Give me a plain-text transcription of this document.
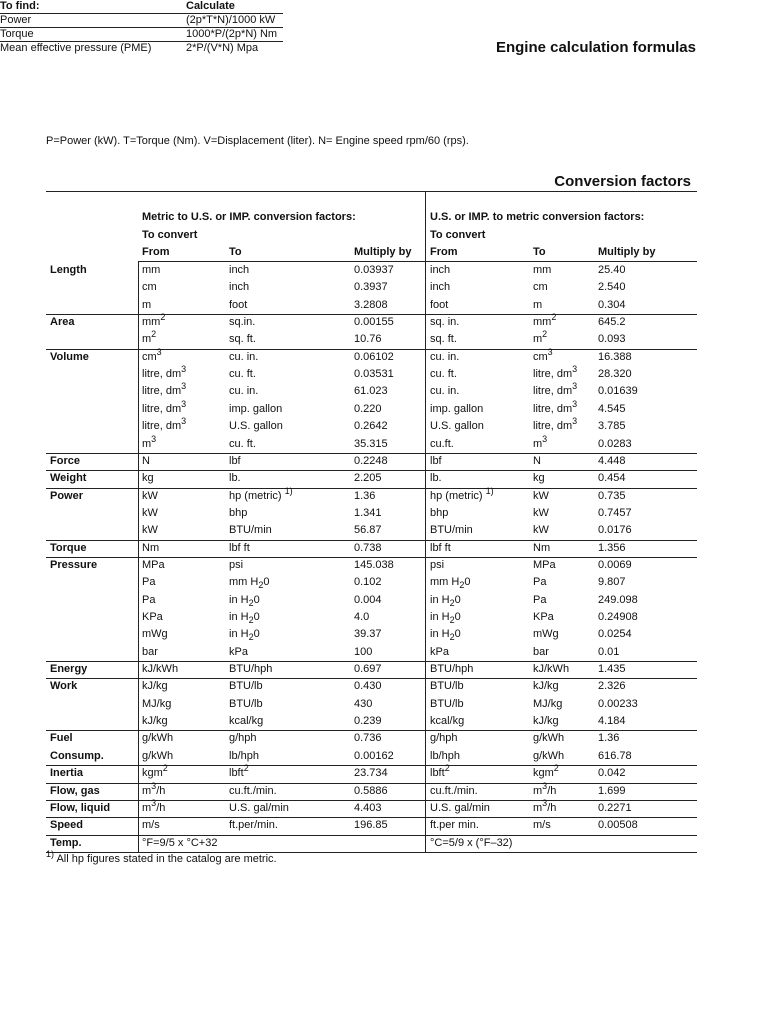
Engine calculation formulas
To find:	Calculate
Power	(2p*T*N)/1000 kW
Torque	1000*P/(2p*N) Nm
Mean effective pressure (PME)	2*P/(V*N) Mpa
P=Power (kW). T=Torque (Nm). V=Displacement (liter). N= Engine speed rpm/60 (rps).
Conversion factors
Metric to U.S. or IMP. conversion factors:	U.S. or IMP. to metric conversion factors:
To convert	To convert
From	To	Multiply by From	To	Multiply by
Length	mm	inch	0.03937	inch	mm	25.40
cm	inch	0.3937	inch	cm	2.540
m	foot	3.2808	foot	m	0.304
Area	$mm^2$	sq.in.	0.00155	sq. in.	$mm^2$	645.2
$m^2$	sq. ft.	10.76	sq. ft.	$m^2$	0.093
Volume	$cm^3$	cu. in.	0.06102	cu. in.	$cm^3$	16.388
litre, $dm^3$	cu. ft.	0.03531	cu. ft.	litre, $dm^3$ 28.320
litre, $dm^3$	cu. in.	61.023	cu. in.	litre, $dm^3$ 0.01639
litre, $dm^3$	imp. gallon	0.220	imp. gallon	litre, $dm^3$ 4.545
litre, $dm^3$	U.S. gallon	0.2642	U.S. gallon	litre, $dm^3$ 3.785
$m^3$	cu. ft.	35.315	cu.ft.	$m^3$	0.0283
Force	N	lbf	0.2248	lbf	N	4.448
Weight	kg	lb.	2.205	lb.	kg	0.454
Power	kW	hp (metric) $^{1)}$	1.36	hp (metric) $^{1)}$	kW	0.735
kW	bhp	1.341	bhp	kW	0.7457
kW	BTU/min	56.87	BTU/min	kW	0.0176
Torque	Nm	lbf ft	0.738	lbf ft	Nm	1.356
Pressure	MPa	psi	145.038	psi	MPa	0.0069
Pa	mm $H_20$	0.102	mm $H_20$	Pa	9.807
Pa	in $H_20$	0.004	in $H_20$	Pa	249.098
KPa	in $H_20$	4.0	in $H_20$	KPa	0.24908
mWg	in $H_20$	39.37	in $H_20$	mWg	0.0254
bar	kPa	100	kPa	bar	0.01
Energy	kJ/kWh	BTU/hph	0.697	BTU/hph	kJ/kWh	1.435
Work	kJ/kg	BTU/lb	0.430	BTU/lb	kJ/kg	2.326
MJ/kg	BTU/lb	430	BTU/lb	MJ/kg	0.00233
kJ/kg	kcal/kg	0.239	kcal/kg	kJ/kg	4.184
Fuel	g/kWh	g/hph	0.736	g/hph	g/kWh	1.36
Consump.	g/kWh	lb/hph	0.00162	lb/hph	g/kWh	616.78
Inertia	kgm$^2$	lbft$^2$	23.734	lbft$^2$	kgm$^2$	0.042
Flow, gas	$m^3/h$	cu.ft./min.	0.5886	cu.ft./min.	$m^3/h$	1.699
Flow, liquid	$m^3/h$	U.S. gal/min	4.403	U.S. gal/min	$m^3/h$	0.2271
Speed	m/s	ft.per/min.	196.85	ft.per min.	m/s	0.00508
Temp.	°F=9/5 x °C+32	°C=5/9 x (°F–32)
$^{1)}$ All hp figures stated in the catalog are metric.
